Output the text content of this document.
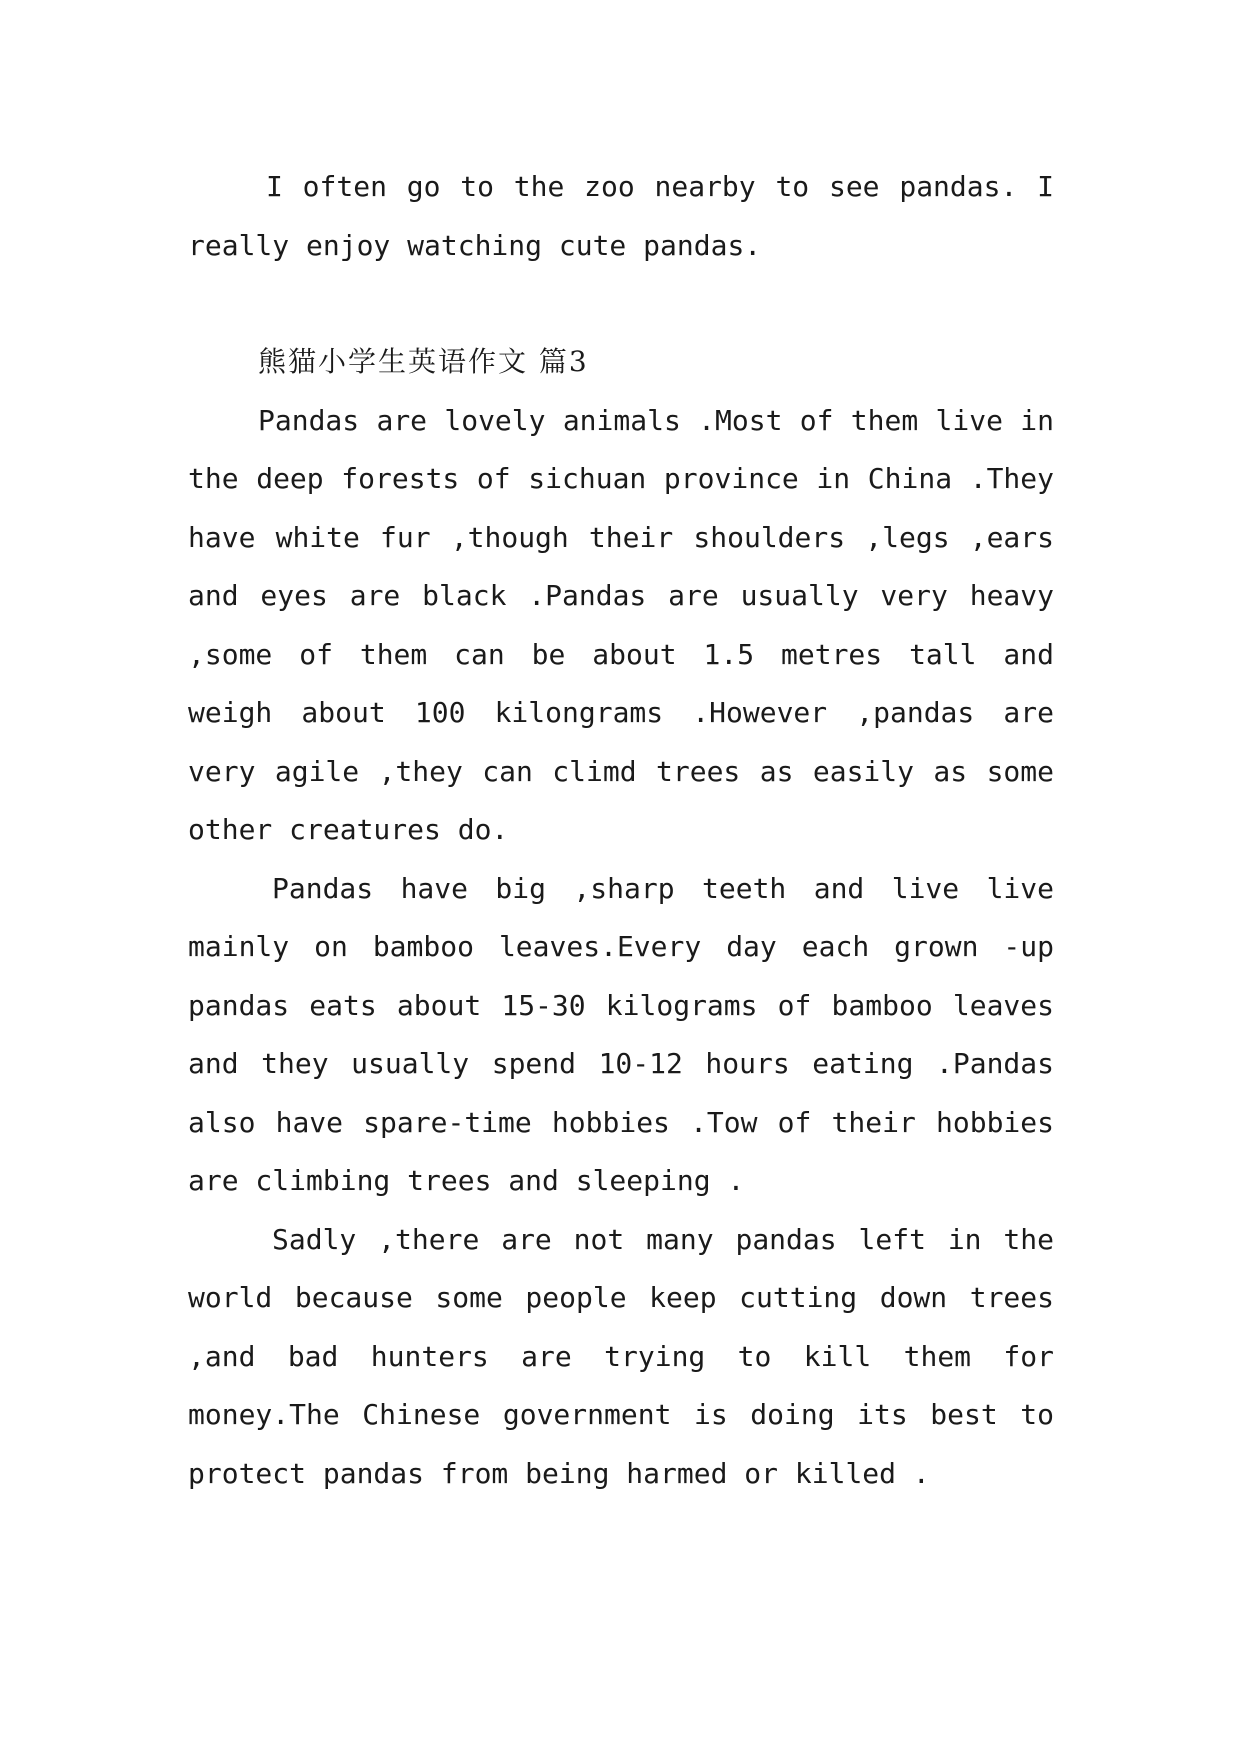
I often go to the zoo nearby to see pandas. I really enjoy watching cute pandas.

熊猫小学生英语作文 篇3

Pandas are lovely animals .Most of them live in the deep forests of sichuan province in China .They have white fur ,though their shoulders ,legs ,ears and eyes are black .Pandas are usually very heavy ,some of them can be about 1.5 metres tall and weigh about 100 kilongrams .However ,pandas are very agile ,they can climd trees as easily as some other creatures do.

Pandas have big ,sharp teeth and live live mainly on bamboo leaves.Every day each grown -up pandas eats about 15-30 kilograms of bamboo leaves and they usually spend 10-12 hours eating .Pandas also have spare-time hobbies .Tow of their hobbies are climbing trees and sleeping .

Sadly ,there are not many pandas left in the world because some people keep cutting down trees ,and bad hunters are trying to kill them for money.The Chinese government is doing its best to protect pandas from being harmed or killed .
